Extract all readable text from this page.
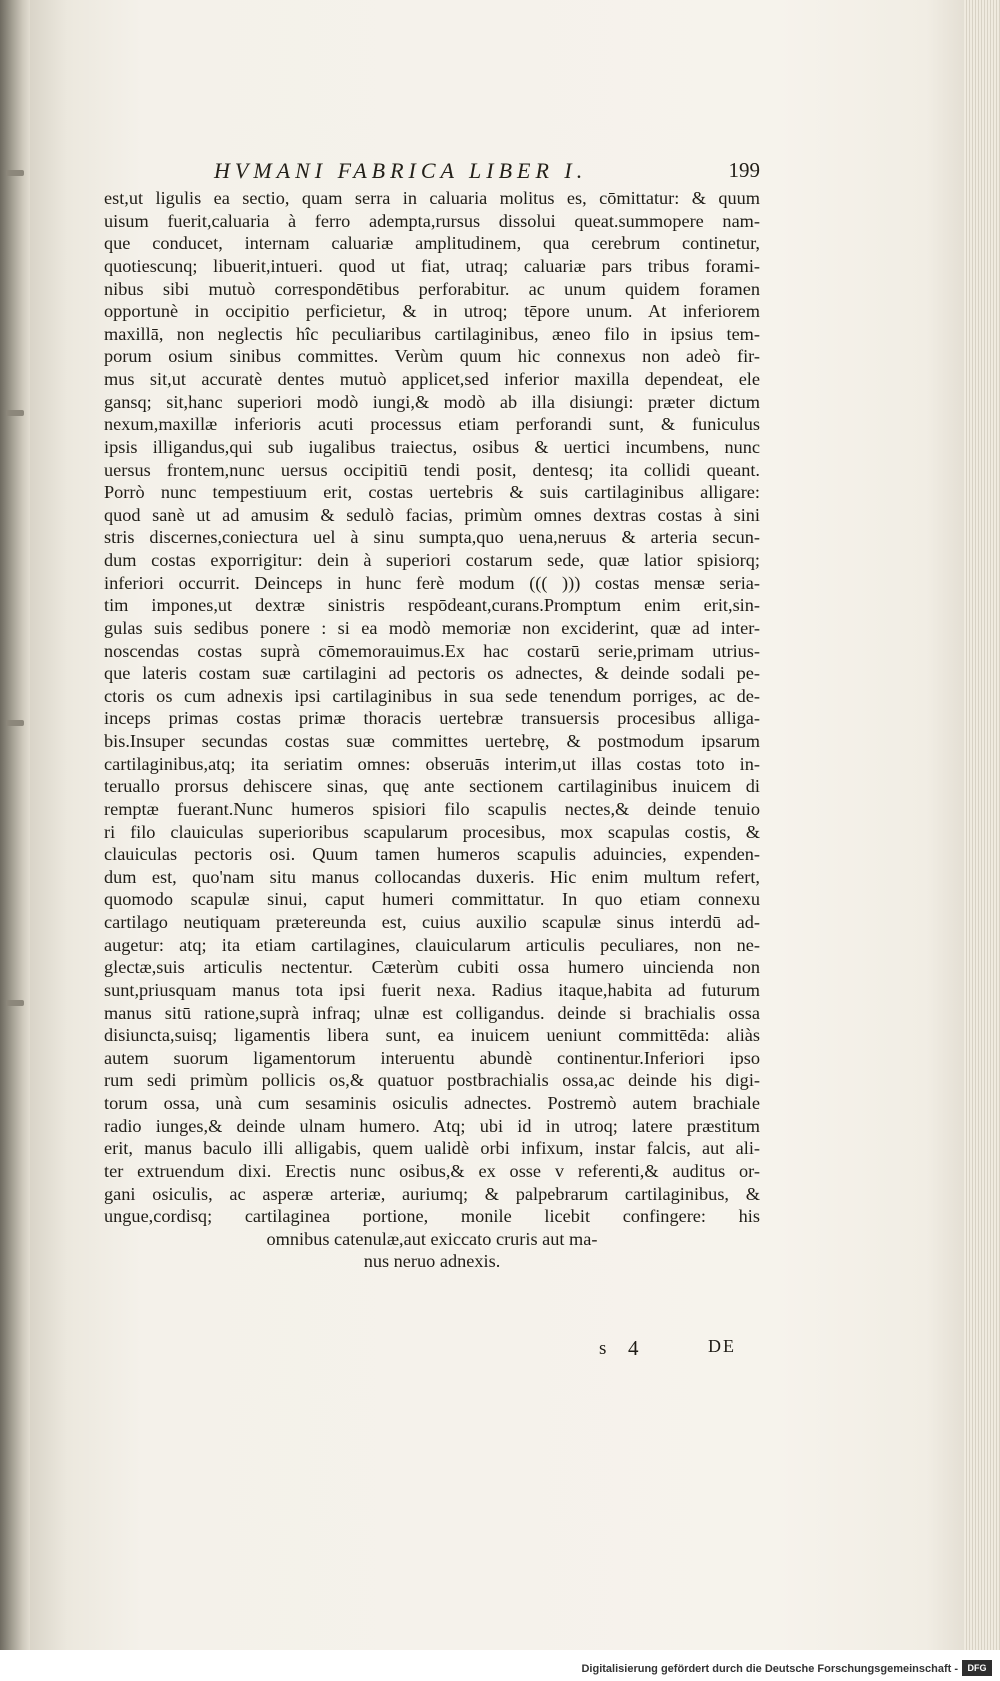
HVMANI FABRICA LIBER I.	199
est,ut ligulis ea sectio, quam serra in caluaria molitus es, cōmittatur: & quum
uisum fuerit,caluaria à ferro adempta,rursus dissolui queat.summopere nam-
que conducet, internam caluariæ amplitudinem, qua cerebrum continetur,
quotiescunq; libuerit,intueri. quod ut fiat, utraq; caluariæ pars tribus forami-
nibus sibi mutuò correspondētibus perforabitur. ac unum quidem foramen
opportunè in occipitio perficietur, & in utroq; tēpore unum. At inferiorem
maxillā, non neglectis hîc peculiaribus cartilaginibus, æneo filo in ipsius tem-
porum osium sinibus committes. Verùm quum hic connexus non adeò fir-
mus sit,ut accuratè dentes mutuò applicet,sed inferior maxilla dependeat, ele
gansq; sit,hanc superiori modò iungi,& modò ab illa disiungi: præter dictum
nexum,maxillæ inferioris acuti processus etiam perforandi sunt, & funiculus
ipsis illigandus,qui sub iugalibus traiectus, osibus & uertici incumbens, nunc
uersus frontem,nunc uersus occipitiū tendi posit, dentesq; ita collidi queant.
Porrò nunc tempestiuum erit, costas uertebris & suis cartilaginibus alligare:
quod sanè ut ad amusim & sedulò facias, primùm omnes dextras costas à sini
stris discernes,coniectura uel à sinu sumpta,quo uena,neruus & arteria secun-
dum costas exporrigitur: dein à superiori costarum sede, quæ latior spisiorq;
inferiori occurrit. Deinceps in hunc ferè modum ((( ))) costas mensæ seria-
tim impones,ut dextræ sinistris respōdeant,curans.Promptum enim erit,sin-
gulas suis sedibus ponere : si ea modò memoriæ non exciderint, quæ ad inter-
noscendas costas suprà cōmemorauimus.Ex hac costarū serie,primam utrius-
que lateris costam suæ cartilagini ad pectoris os adnectes, & deinde sodali pe-
ctoris os cum adnexis ipsi cartilaginibus in sua sede tenendum porriges, ac de-
inceps primas costas primæ thoracis uertebræ transuersis procesibus alliga-
bis.Insuper secundas costas suæ committes uertebrę, & postmodum ipsarum
cartilaginibus,atq; ita seriatim omnes: obseruās interim,ut illas costas toto in-
teruallo prorsus dehiscere sinas, quę ante sectionem cartilaginibus inuicem di
remptæ fuerant.Nunc humeros spisiori filo scapulis nectes,& deinde tenuio
ri filo clauiculas superioribus scapularum procesibus, mox scapulas costis, &
clauiculas pectoris osi. Quum tamen humeros scapulis aduincies, expenden-
dum est, quo'nam situ manus collocandas duxeris. Hic enim multum refert,
quomodo scapulæ sinui, caput humeri committatur. In quo etiam connexu
cartilago neutiquam prætereunda est, cuius auxilio scapulæ sinus interdū ad-
augetur: atq; ita etiam cartilagines, clauicularum articulis peculiares, non ne-
glectæ,suis articulis nectentur. Cæterùm cubiti ossa humero uincienda non
sunt,priusquam manus tota ipsi fuerit nexa. Radius itaque,habita ad futurum
manus sitū ratione,suprà infraq; ulnæ est colligandus. deinde si brachialis ossa
disiuncta,suisq; ligamentis libera sunt, ea inuicem ueniunt committēda: aliàs
autem suorum ligamentorum interuentu abundè continentur.Inferiori ipso
rum sedi primùm pollicis os,& quatuor postbrachialis ossa,ac deinde his digi-
torum ossa, unà cum sesaminis osiculis adnectes. Postremò autem brachiale
radio iunges,& deinde ulnam humero. Atq; ubi id in utroq; latere præstitum
erit, manus baculo illi alligabis, quem ualidè orbi infixum, instar falcis, aut ali-
ter extruendum dixi. Erectis nunc osibus,& ex osse v referenti,& auditus or-
gani osiculis, ac asperæ arteriæ, auriumq; & palpebrarum cartilaginibus, &
ungue,cordisq; cartilaginea portione, monile licebit confingere: his
omnibus catenulæ,aut exiccato cruris aut ma-
nus neruo adnexis.
s 4	DE
Digitalisierung gefördert durch die Deutsche Forschungsgemeinschaft -	DFG
